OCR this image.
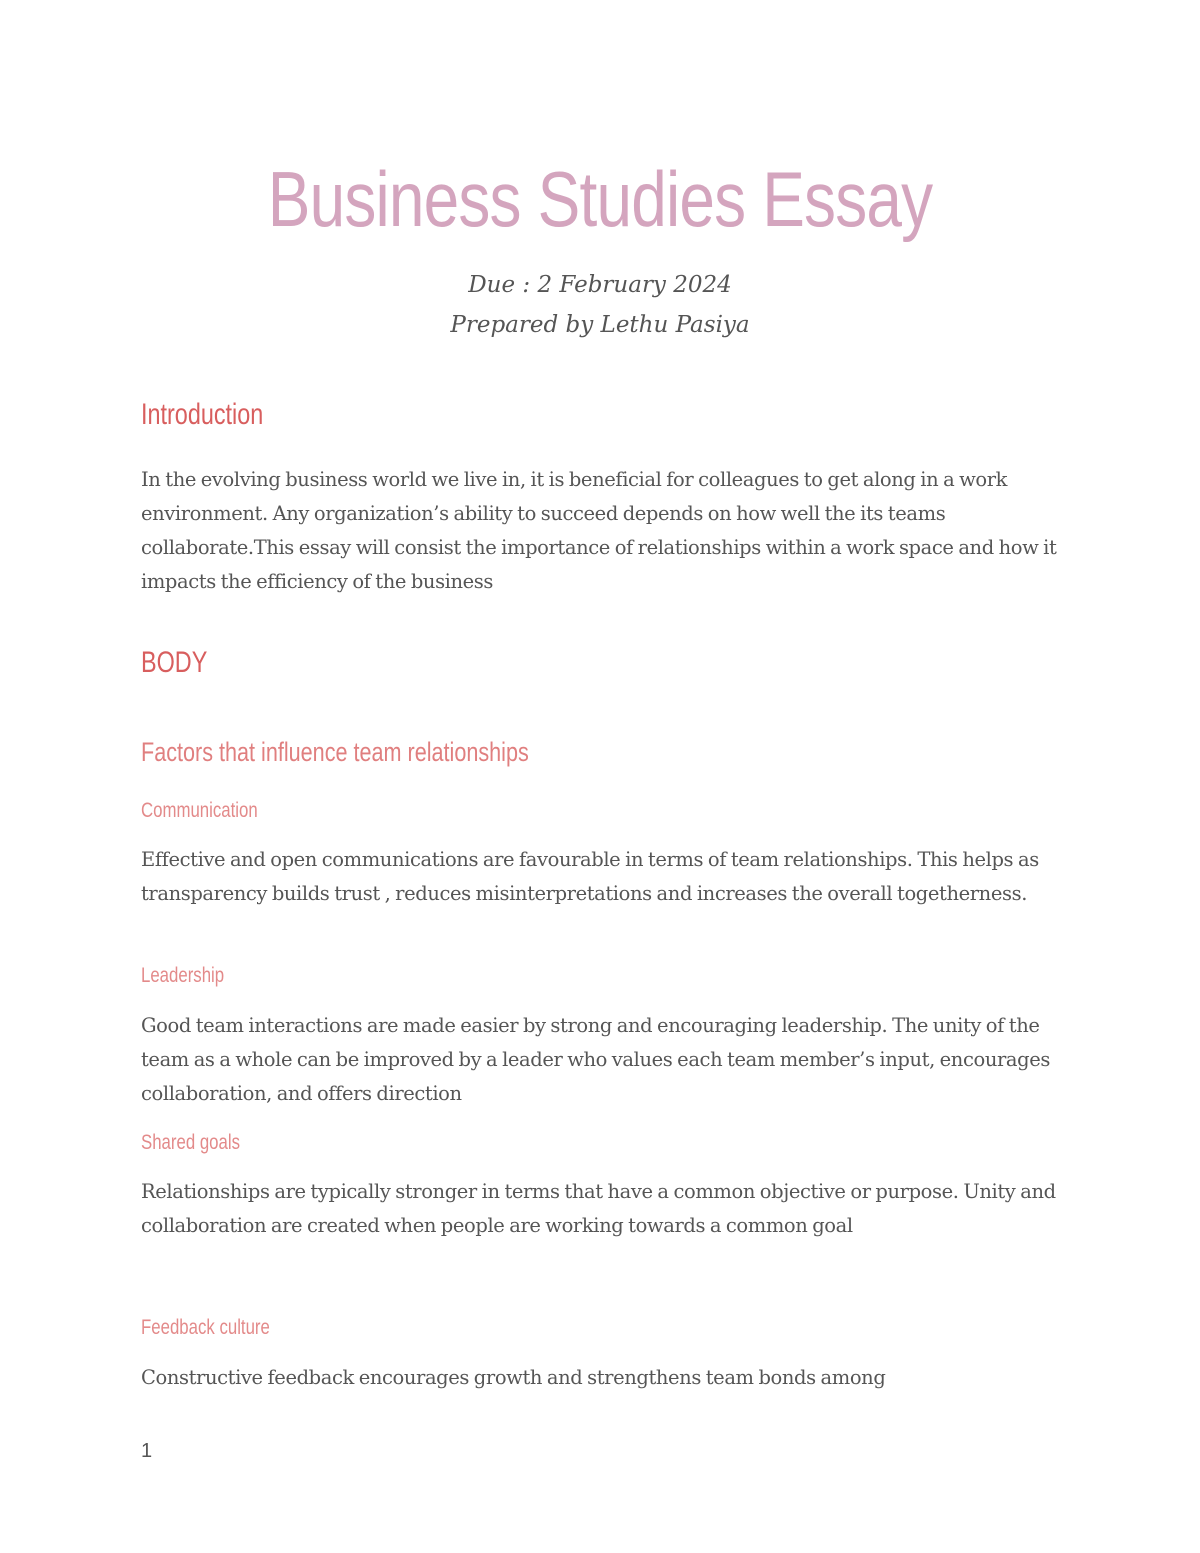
Business Studies Essay
Due : 2 February 2024
Prepared by Lethu Pasiya
Introduction
In the evolving business world we live in, it is beneficial for colleagues to get along in a work environment. Any organization’s ability to succeed depends on how well the its teams collaborate.This essay will consist the importance of relationships within a work space and how it impacts the efficiency of the business
BODY
Factors that influence team relationships
Communication
Effective and open communications are favourable in terms of team relationships. This helps as transparency builds trust , reduces misinterpretations and increases the overall togetherness.
Leadership
Good team interactions are made easier by strong and encouraging leadership. The unity of the team as a whole can be improved by a leader who values each team member’s input, encourages collaboration, and offers direction
Shared goals
Relationships are typically stronger in terms that have a common objective or purpose. Unity and collaboration are created when people are working towards a common goal
Feedback culture
Constructive feedback encourages growth and strengthens team bonds among
1
